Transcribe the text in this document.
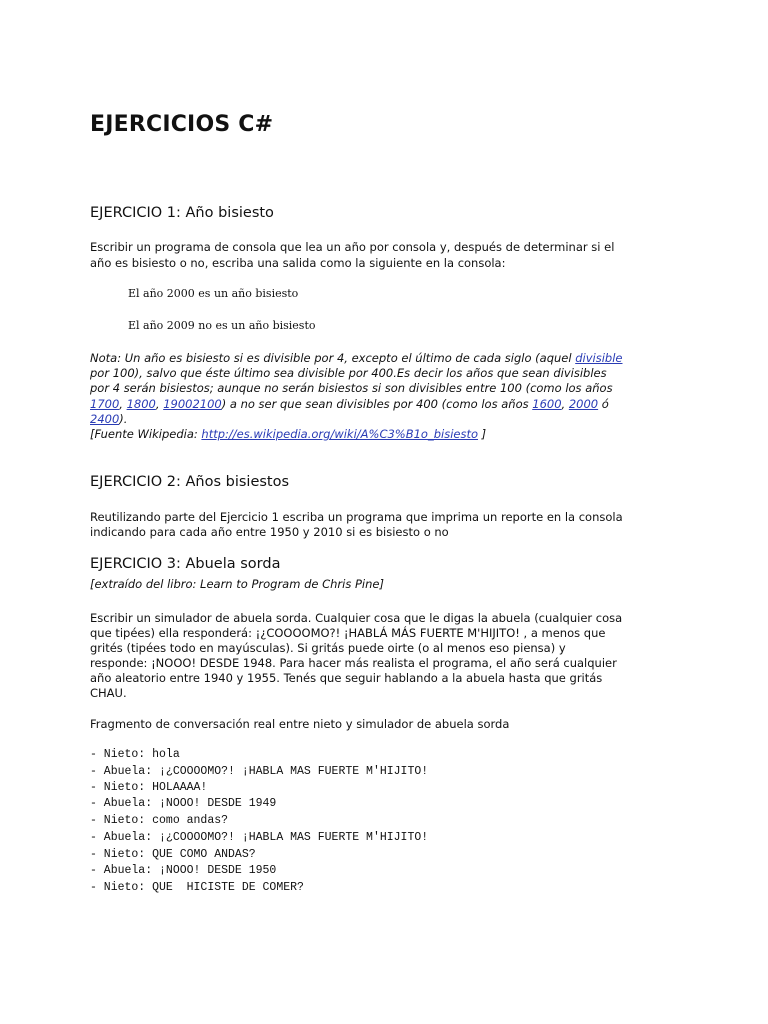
EJERCICIOS C#
EJERCICIO 1: Año bisiesto

Escribir un programa de consola que lea un año por consola y, después de determinar si el

año es bisiesto o no, escriba una salida como la siguiente en la consola:

El año 2000 es un año bisiesto

El año 2009 no es un año bisiesto

Nota: Un año es bisiesto si es divisible por 4, excepto el último de cada siglo (aquel divisible

por 100), salvo que éste último sea divisible por 400.Es decir los años que sean divisibles

por 4 serán bisiestos; aunque no serán bisiestos si son divisibles entre 100 (como los años

1700, 1800, 19002100) a no ser que sean divisibles por 400 (como los años 1600, 2000 ó

2400).

[Fuente Wikipedia: http://es.wikipedia.org/wiki/A%C3%B1o_bisiesto ]

EJERCICIO 2: Años bisiestos

Reutilizando parte del Ejercicio 1 escriba un programa que imprima un reporte en la consola

indicando para cada año entre 1950 y 2010 si es bisiesto o no

EJERCICIO 3: Abuela sorda

[extraído del libro: Learn to Program de Chris Pine]

Escribir un simulador de abuela sorda. Cualquier cosa que le digas la abuela (cualquier cosa

que tipées) ella responderá: ¡¿COOOOMO?! ¡HABLÁ MÁS FUERTE M'HIJITO! , a menos que

grités (tipées todo en mayúsculas). Si gritás puede oirte (o al menos eso piensa) y

responde: ¡NOOO! DESDE 1948. Para hacer más realista el programa, el año será cualquier

año aleatorio entre 1940 y 1955. Tenés que seguir hablando a la abuela hasta que gritás

CHAU.

Fragmento de conversación real entre nieto y simulador de abuela sorda

- Nieto: hola

- Abuela: ¡¿COOOOMO?! ¡HABLA MAS FUERTE M'HIJITO!

- Nieto: HOLAAAA!

- Abuela: ¡NOOO! DESDE 1949

- Nieto: como andas?

- Abuela: ¡¿COOOOMO?! ¡HABLA MAS FUERTE M'HIJITO!

- Nieto: QUE COMO ANDAS?

- Abuela: ¡NOOO! DESDE 1950

- Nieto: QUE  HICISTE DE COMER?
